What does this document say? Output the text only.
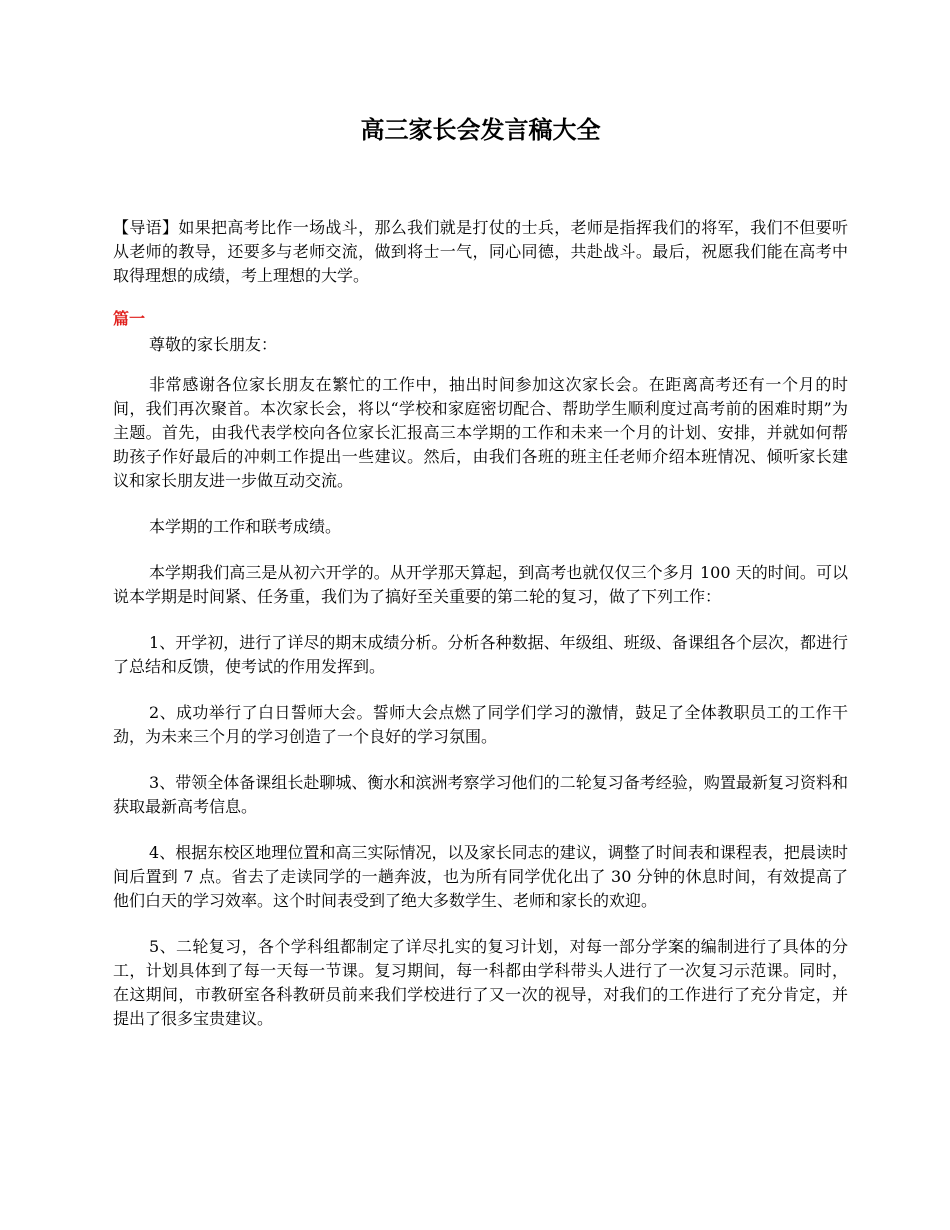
高三家长会发言稿大全

【导语】如果把高考比作一场战斗，那么我们就是打仗的士兵，老师是指挥我们的将军，我们不但要听从老师的教导，还要多与老师交流，做到将士一气，同心同德，共赴战斗。最后，祝愿我们能在高考中取得理想的成绩，考上理想的大学。

篇一

尊敬的家长朋友：

非常感谢各位家长朋友在繁忙的工作中，抽出时间参加这次家长会。在距离高考还有一个月的时间，我们再次聚首。本次家长会，将以“学校和家庭密切配合、帮助学生顺利度过高考前的困难时期”为主题。首先，由我代表学校向各位家长汇报高三本学期的工作和未来一个月的计划、安排，并就如何帮助孩子作好最后的冲刺工作提出一些建议。然后，由我们各班的班主任老师介绍本班情况、倾听家长建议和家长朋友进一步做互动交流。

本学期的工作和联考成绩。

本学期我们高三是从初六开学的。从开学那天算起，到高考也就仅仅三个多月 100 天的时间。可以说本学期是时间紧、任务重，我们为了搞好至关重要的第二轮的复习，做了下列工作：

1、开学初，进行了详尽的期末成绩分析。分析各种数据、年级组、班级、备课组各个层次，都进行了总结和反馈，使考试的作用发挥到。

2、成功举行了白日誓师大会。誓师大会点燃了同学们学习的激情，鼓足了全体教职员工的工作干劲，为未来三个月的学习创造了一个良好的学习氛围。

3、带领全体备课组长赴聊城、衡水和滨洲考察学习他们的二轮复习备考经验，购置最新复习资料和获取最新高考信息。

4、根据东校区地理位置和高三实际情况，以及家长同志的建议，调整了时间表和课程表，把晨读时间后置到 7 点。省去了走读同学的一趟奔波，也为所有同学优化出了 30 分钟的休息时间，有效提高了他们白天的学习效率。这个时间表受到了绝大多数学生、老师和家长的欢迎。

5、二轮复习，各个学科组都制定了详尽扎实的复习计划，对每一部分学案的编制进行了具体的分工，计划具体到了每一天每一节课。复习期间，每一科都由学科带头人进行了一次复习示范课。同时，在这期间，市教研室各科教研员前来我们学校进行了又一次的视导，对我们的工作进行了充分肯定，并提出了很多宝贵建议。
